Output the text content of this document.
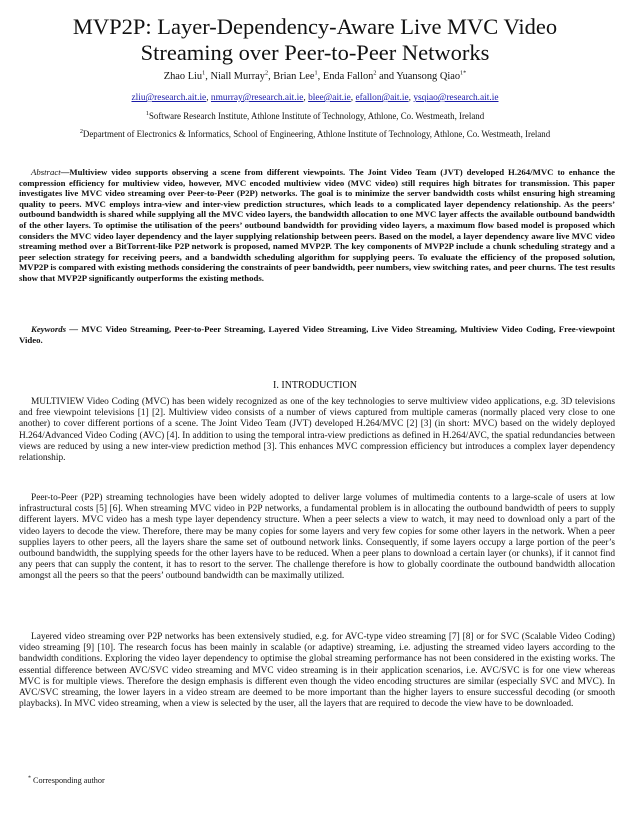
MVP2P: Layer-Dependency-Aware Live MVC Video
Streaming over Peer-to-Peer Networks
Zhao Liu$^1$, Niall Murray$^2$, Brian Lee$^1$, Enda Fallon$^2$ and Yuansong Qiao$^{1*}$
zliu@research.ait.ie, nmurray@research.ait.ie, blee@ait.ie, efallon@ait.ie, ysqiao@research.ait.ie
$^1$Software Research Institute, Athlone Institute of Technology, Athlone, Co. Westmeath, Ireland
$^2$Department of Electronics & Informatics, School of Engineering, Athlone Institute of Technology, Athlone, Co. Westmeath, Ireland

Abstract—Multiview video supports observing a scene from different viewpoints. The Joint Video Team (JVT) developed H.264/MVC to enhance the compression efficiency for multiview video, however, MVC encoded multiview video (MVC video) still requires high bitrates for transmission. This paper investigates live MVC video streaming over Peer-to-Peer (P2P) networks. The goal is to minimize the server bandwidth costs whilst ensuring high streaming quality to peers. MVC employs intra-view and inter-view prediction structures, which leads to a complicated layer dependency relationship. As the peers’ outbound bandwidth is shared while supplying all the MVC video layers, the bandwidth allocation to one MVC layer affects the available outbound bandwidth of the other layers. To optimise the utilisation of the peers’ outbound bandwidth for providing video layers, a maximum flow based model is proposed which considers the MVC video layer dependency and the layer supplying relationship between peers. Based on the model, a layer dependency aware live MVC video streaming method over a BitTorrent-like P2P network is proposed, named MVP2P. The key components of MVP2P include a chunk scheduling strategy and a peer selection strategy for receiving peers, and a bandwidth scheduling algorithm for supplying peers. To evaluate the efficiency of the proposed solution, MVP2P is compared with existing methods considering the constraints of peer bandwidth, peer numbers, view switching rates, and peer churns. The test results show that MVP2P significantly outperforms the existing methods.

Keywords — MVC Video Streaming, Peer-to-Peer Streaming, Layered Video Streaming, Live Video Streaming, Multiview Video Coding, Free-viewpoint Video.

I. INTRODUCTION

MULTIVIEW Video Coding (MVC) has been widely recognized as one of the key technologies to serve multiview video applications, e.g. 3D televisions and free viewpoint televisions [1] [2]. Multiview video consists of a number of views captured from multiple cameras (normally placed very close to one another) to cover different portions of a scene. The Joint Video Team (JVT) developed H.264/MVC [2] [3] (in short: MVC) based on the widely deployed H.264/Advanced Video Coding (AVC) [4]. In addition to using the temporal intra-view predictions as defined in H.264/AVC, the spatial redundancies between views are reduced by using a new inter-view prediction method [3]. This enhances MVC compression efficiency but introduces a complex layer dependency relationship.

Peer-to-Peer (P2P) streaming technologies have been widely adopted to deliver large volumes of multimedia contents to a large-scale of users at low infrastructural costs [5] [6]. When streaming MVC video in P2P networks, a fundamental problem is in allocating the outbound bandwidth of peers to supply different layers. MVC video has a mesh type layer dependency structure. When a peer selects a view to watch, it may need to download only a part of the video layers to decode the view. Therefore, there may be many copies for some layers and very few copies for some other layers in the network. When a peer supplies layers to other peers, all the layers share the same set of outbound network links. Consequently, if some layers occupy a large portion of the peer’s outbound bandwidth, the supplying speeds for the other layers have to be reduced. When a peer plans to download a certain layer (or chunks), if it cannot find any peers that can supply the content, it has to resort to the server. The challenge therefore is how to globally coordinate the outbound bandwidth allocation amongst all the peers so that the peers’ outbound bandwidth can be maximally utilized.

Layered video streaming over P2P networks has been extensively studied, e.g. for AVC-type video streaming [7] [8] or for SVC (Scalable Video Coding) video streaming [9] [10]. The research focus has been mainly in scalable (or adaptive) streaming, i.e. adjusting the streamed video layers according to the bandwidth conditions. Exploring the video layer dependency to optimise the global streaming performance has not been considered in the existing works. The essential difference between AVC/SVC video streaming and MVC video streaming is in their application scenarios, i.e. AVC/SVC is for one view whereas MVC is for multiple views. Therefore the design emphasis is different even though the video encoding structures are similar (especially SVC and MVC). In AVC/SVC streaming, the lower layers in a video stream are deemed to be more important than the higher layers to ensure successful decoding (or smooth playbacks). In MVC video streaming, when a view is selected by the user, all the layers that are required to decode the view have to be downloaded.

* Corresponding author
